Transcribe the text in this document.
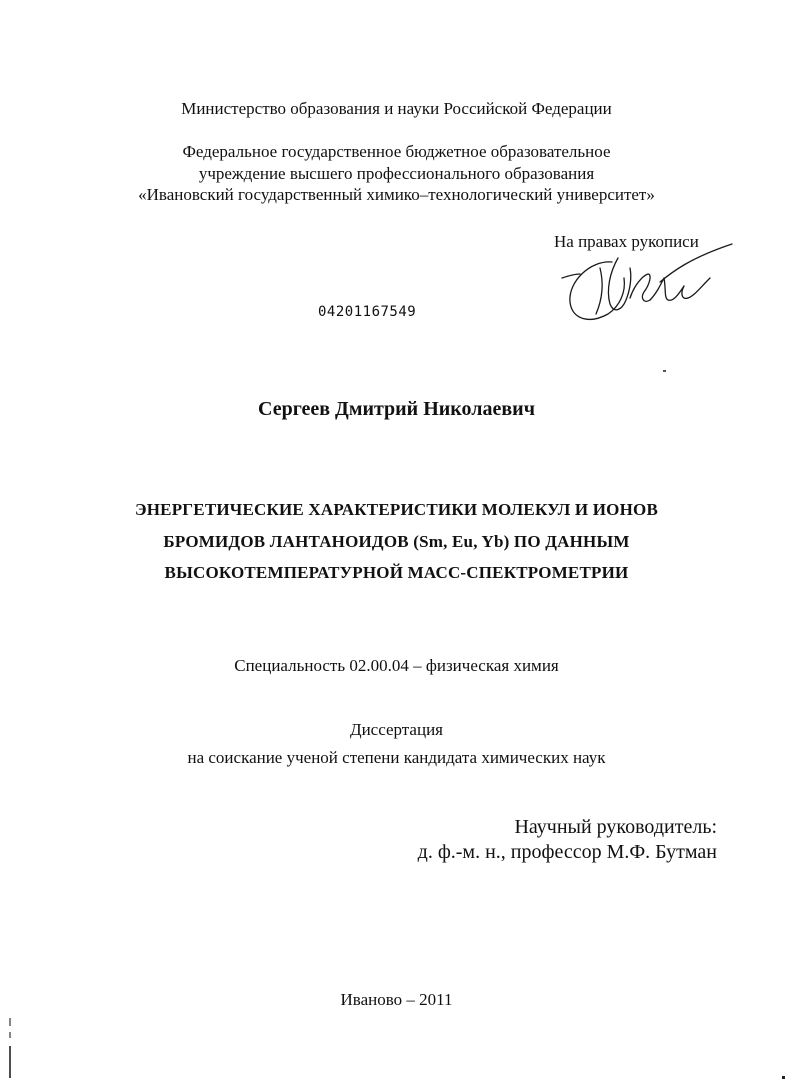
Министерство образования и науки Российской Федерации
Федеральное государственное бюджетное образовательное
учреждение высшего профессионального образования
«Ивановский государственный химико–технологический университет»
На правах рукописи
04201167549
Сергеев Дмитрий Николаевич
ЭНЕРГЕТИЧЕСКИЕ ХАРАКТЕРИСТИКИ МОЛЕКУЛ И ИОНОВ
БРОМИДОВ ЛАНТАНОИДОВ (Sm, Eu, Yb) ПО ДАННЫМ
ВЫСОКОТЕМПЕРАТУРНОЙ МАСС-СПЕКТРОМЕТРИИ
Специальность 02.00.04 – физическая химия
Диссертация
на соискание ученой степени кандидата химических наук
Научный руководитель:
д. ф.-м. н., профессор М.Ф. Бутман
Иваново – 2011
